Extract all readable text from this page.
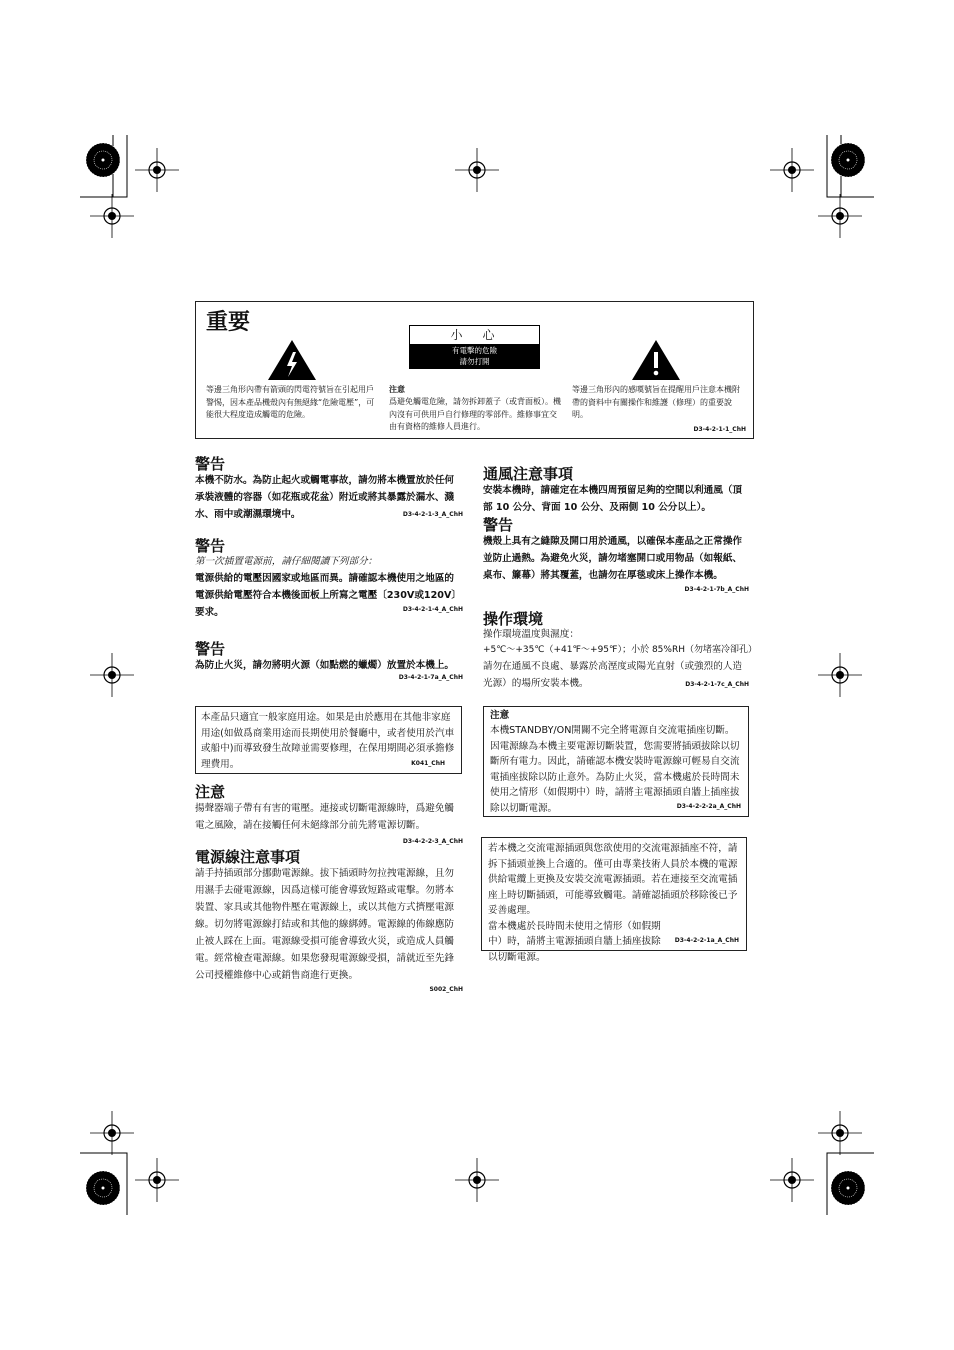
重要	小　心
有電擊的危險
請勿打開
等邊三角形內帶有箭頭的閃電符號旨在引起用戶警惕，因本產品機殼內有無絕緣“危險電壓”，可能很大程度造成觸電的危險。
注意
爲避免觸電危險，請勿拆卸蓋子（或背面板）。機內沒有可供用戶自行修理的零部件。維修事宜交由有資格的維修人員進行。
等邊三角形內的感嘆號旨在提醒用戶注意本機附帶的資料中有關操作和維護（修理）的重要說明。
D3-4-2-1-1_ChH
警告
本機不防水。為防止起火或觸電事故，請勿將本機置放於任何承裝液體的容器（如花瓶或花盆）附近或將其暴露於漏水、濺水、雨中或潮濕環境中。	D3-4-2-1-3_A_ChH
警告
第一次插置電源前，請仔細閱讀下列部分：
電源供給的電壓因國家或地區而異。請確認本機使用之地區的電源供給電壓符合本機後面板上所寫之電壓〔230V或120V〕要求。	D3-4-2-1-4_A_ChH
警告
為防止火災，請勿將明火源（如點燃的蠟燭）放置於本機上。
D3-4-2-1-7a_A_ChH
本產品只適宜一般家庭用途。如果是由於應用在其他非家庭用途(如做爲商業用途而長期使用於餐廳中，或者使用於汽車或船中)而導致發生故障並需要修理，在保用期間必須承擔修理費用。	K041_ChH
注意
揚聲器端子帶有有害的電壓。連接或切斷電源線時，爲避免觸電之風險，請在接觸任何未絕緣部分前先將電源切斷。
D3-4-2-2-3_A_ChH
電源線注意事項
請手持插頭部分挪動電源線。拔下插頭時勿拉拽電源線，且勿用濕手去碰電源線，因爲這樣可能會導致短路或電擊。勿將本裝置、家具或其他物件壓在電源線上，或以其他方式擠壓電源線。切勿將電源線打結或和其他的線綁縛。電源線的佈線應防止被人踩在上面。電源線受損可能會導致火災，或造成人員觸電。經常檢查電源線。如果您發現電源線受損，請就近至先鋒公司授權維修中心或銷售商進行更換。
S002_ChH
通風注意事項
安裝本機時，請確定在本機四周預留足夠的空間以利通風（頂部 10 公分、背面 10 公分、及兩側 10 公分以上）。
警告
機殼上具有之縫隙及開口用於通風，以確保本產品之正常操作並防止過熱。為避免火災，請勿堵塞開口或用物品（如報紙、桌布、簾幕）將其覆蓋，也請勿在厚毯或床上操作本機。
D3-4-2-1-7b_A_ChH
操作環境
操作環境溫度與濕度：
+5℃～+35℃（+41℉～+95℉）；小於 85%RH（勿堵塞冷卻孔）
請勿在通風不良處、暴露於高溼度或陽光直射（或強烈的人造光源）的場所安裝本機。	D3-4-2-1-7c_A_ChH
注意
本機STANDBY/ON開關不完全將電源自交流電插座切斷。因電源線為本機主要電源切斷裝置，您需要將插頭拔除以切斷所有電力。因此，請確認本機安裝時電源線可輕易自交流電插座拔除以防止意外。為防止火災，當本機處於長時間未使用之情形（如假期中）時，請將主電源插頭自牆上插座拔除以切斷電源。	D3-4-2-2-2a_A_ChH
若本機之交流電源插頭與您欲使用的交流電源插座不符，請拆下插頭並換上合適的。僅可由專業技術人員於本機的電源供給電纜上更換及安裝交流電源插頭。若在連接至交流電插座上時切斷插頭，可能導致觸電。請確認插頭於移除後已予妥善處理。
當本機處於長時間未使用之情形（如假期中）時，請將主電源插頭自牆上插座拔除以切斷電源。
D3-4-2-2-1a_A_ChH
